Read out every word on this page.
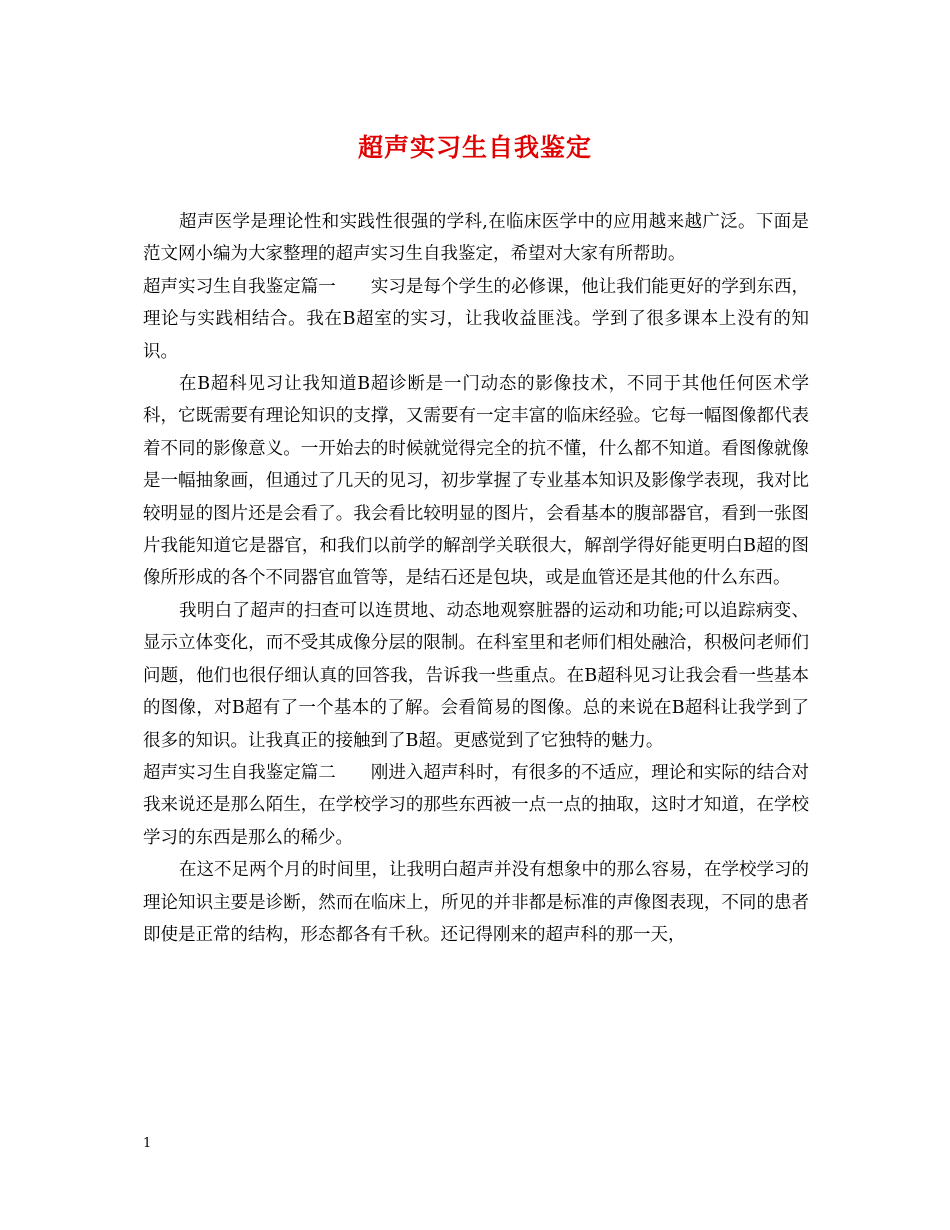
超声实习生自我鉴定

超声医学是理论性和实践性很强的学科,在临床医学中的应用越来越广泛。下面是范文网小编为大家整理的超声实习生自我鉴定，希望对大家有所帮助。

超声实习生自我鉴定篇一　　实习是每个学生的必修课，他让我们能更好的学到东西，理论与实践相结合。我在B超室的实习，让我收益匪浅。学到了很多课本上没有的知识。

在B超科见习让我知道B超诊断是一门动态的影像技术，不同于其他任何医术学科，它既需要有理论知识的支撑，又需要有一定丰富的临床经验。它每一幅图像都代表着不同的影像意义。一开始去的时候就觉得完全的抗不懂，什么都不知道。看图像就像是一幅抽象画，但通过了几天的见习，初步掌握了专业基本知识及影像学表现，我对比较明显的图片还是会看了。我会看比较明显的图片，会看基本的腹部器官，看到一张图片我能知道它是器官，和我们以前学的解剖学关联很大，解剖学得好能更明白B超的图像所形成的各个不同器官血管等，是结石还是包块，或是血管还是其他的什么东西。

我明白了超声的扫查可以连贯地、动态地观察脏器的运动和功能;可以追踪病变、显示立体变化，而不受其成像分层的限制。在科室里和老师们相处融洽，积极问老师们问题，他们也很仔细认真的回答我，告诉我一些重点。在B超科见习让我会看一些基本的图像，对B超有了一个基本的了解。会看简易的图像。总的来说在B超科让我学到了很多的知识。让我真正的接触到了B超。更感觉到了它独特的魅力。

超声实习生自我鉴定篇二　　刚进入超声科时，有很多的不适应，理论和实际的结合对我来说还是那么陌生，在学校学习的那些东西被一点一点的抽取，这时才知道，在学校学习的东西是那么的稀少。

在这不足两个月的时间里，让我明白超声并没有想象中的那么容易，在学校学习的理论知识主要是诊断，然而在临床上，所见的并非都是标准的声像图表现，不同的患者即使是正常的结构，形态都各有千秋。还记得刚来的超声科的那一天，

1
